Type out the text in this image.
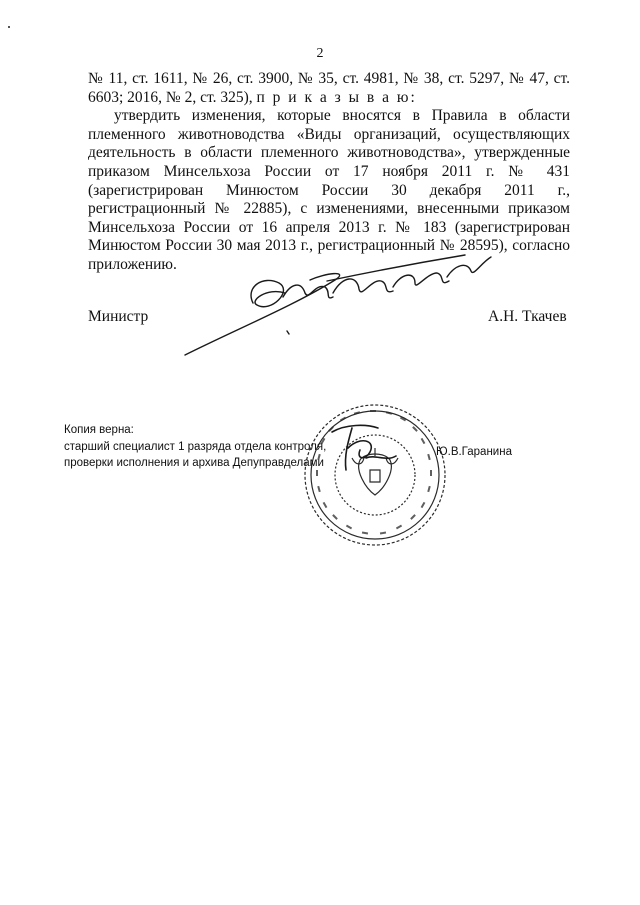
2

№ 11, ст. 1611, № 26, ст. 3900, № 35, ст. 4981, № 38, ст. 5297, № 47, ст. 6603; 2016, № 2, ст. 325), п р и к а з ы в а ю:

утвердить изменения, которые вносятся в Правила в области племенного животноводства «Виды организаций, осуществляющих деятельность в области племенного животноводства», утвержденные приказом Минсельхоза России от 17 ноября 2011 г. № 431 (зарегистрирован Минюстом России 30 декабря 2011 г., регистрационный № 22885), с изменениями, внесенными приказом Минсельхоза России от 16 апреля 2013 г. № 183 (зарегистрирован Минюстом России 30 мая 2013 г., регистрационный № 28595), согласно приложению.

Министр	А.Н. Ткачев
Копия верна:
старший специалист 1 разряда отдела контроля,
проверки исполнения и архива Депуправделами
Ю.В.Гаранина
